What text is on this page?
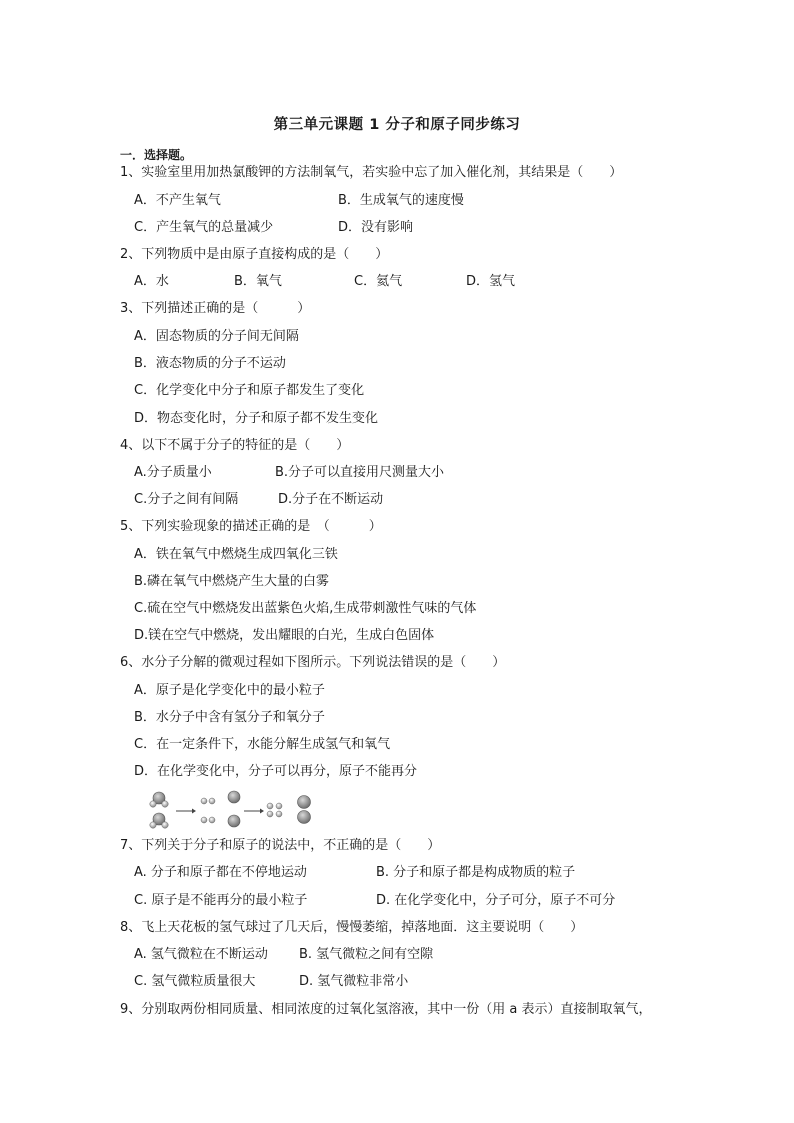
第三单元课题 1 分子和原子同步练习
一．选择题。
1、实验室里用加热氯酸钾的方法制氧气，若实验中忘了加入催化剂，其结果是（　　）
A．不产生氧气	B．生成氧气的速度慢
C．产生氧气的总量减少	D．没有影响
2、下列物质中是由原子直接构成的是（　　）
A．水	B．氧气	C．氦气	D．氢气
3、下列描述正确的是（　　　）
A．固态物质的分子间无间隔
B．液态物质的分子不运动
C．化学变化中分子和原子都发生了变化
D．物态变化时，分子和原子都不发生变化
4、以下不属于分子的特征的是（　　）
A.分子质量小	B.分子可以直接用尺测量大小
C.分子之间有间隔	D.分子在不断运动
5、下列实验现象的描述正确的是　（　　　）
A．铁在氧气中燃烧生成四氧化三铁
B.磷在氧气中燃烧产生大量的白雾
C.硫在空气中燃烧发出蓝紫色火焰,生成带刺激性气味的气体
D.镁在空气中燃烧，发出耀眼的白光，生成白色固体
6、水分子分解的微观过程如下图所示。下列说法错误的是（　　）
A．原子是化学变化中的最小粒子
B．水分子中含有氢分子和氧分子
C．在一定条件下，水能分解生成氢气和氧气
D．在化学变化中，分子可以再分，原子不能再分
7、下列关于分子和原子的说法中，不正确的是（　　）
A. 分子和原子都在不停地运动	B. 分子和原子都是构成物质的粒子
C. 原子是不能再分的最小粒子	D. 在化学变化中，分子可分，原子不可分
8、飞上天花板的氢气球过了几天后，慢慢萎缩，掉落地面．这主要说明（　　）
A. 氢气微粒在不断运动 B. 氢气微粒之间有空隙
C. 氢气微粒质量很大	D. 氢气微粒非常小
9、分别取两份相同质量、相同浓度的过氧化氢溶液，其中一份（用 a 表示）直接制取氧气，
